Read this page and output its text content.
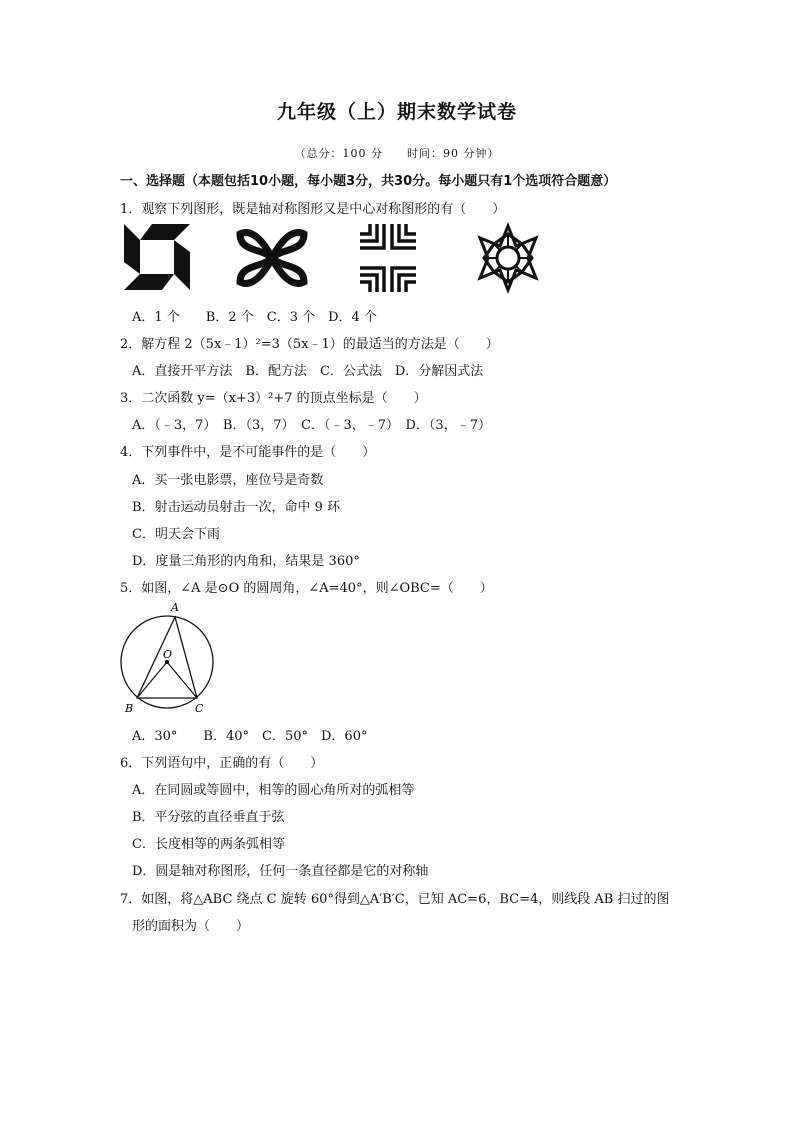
九年级（上）期末数学试卷
（总分：100 分　　时间：90 分钟）
一、选择题（本题包括10小题，每小题3分，共30分。每小题只有1个选项符合题意）
1．观察下列图形，既是轴对称图形又是中心对称图形的有（　　）
A．1 个　　B．2 个　C．3 个　D．4 个
2．解方程 2（5x﹣1）²=3（5x﹣1）的最适当的方法是（　　）
A．直接开平方法　B．配方法　C．公式法　D．分解因式法
3．二次函数 y=（x+3）²+7 的顶点坐标是（　　）
A．（﹣3，7）　B．（3，7）　C．（﹣3，﹣7）　D．（3，﹣7）
4．下列事件中，是不可能事件的是（　　）
A．买一张电影票，座位号是奇数
B．射击运动员射击一次，命中 9 环
C．明天会下雨
D．度量三角形的内角和，结果是 360°
5．如图，∠A 是⊙O 的圆周角，∠A=40°，则∠OBC=（　　）
A
O
B	C
A．30°　　B．40°　C．50°　D．60°
6．下列语句中，正确的有（　　）
A．在同圆或等圆中，相等的圆心角所对的弧相等
B．平分弦的直径垂直于弦
C．长度相等的两条弧相等
D．圆是轴对称图形，任何一条直径都是它的对称轴
7．如图，将△ABC 绕点 C 旋转 60°得到△A′B′C，已知 AC=6，BC=4，则线段 AB 扫过的图
形的面积为（　　）
